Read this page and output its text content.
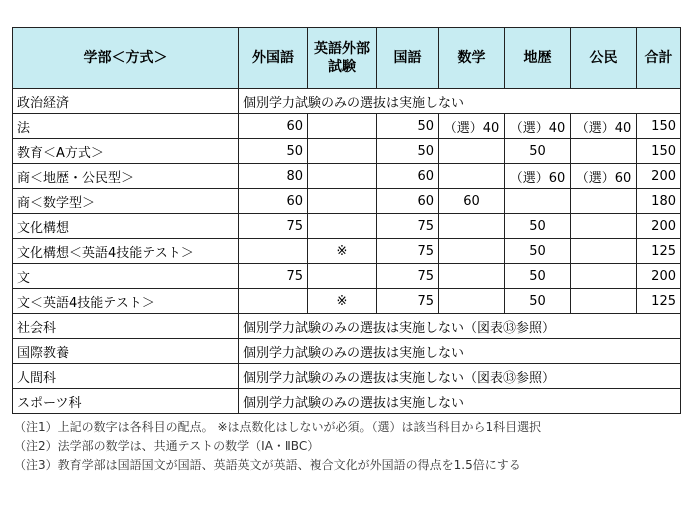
学部＜方式＞	外国語	英語外部試験	国語	数学	地歴	公民	合計
政治経済	個別学力試験のみの選抜は実施しない						
法	60		50	（選）40	（選）40	（選）40	150
教育＜A方式＞	50		50		50		150
商＜地歴・公民型＞	80		60		（選）60	（選）60	200
商＜数学型＞	60		60	60			180
文化構想	75		75		50		200
文化構想＜英語4技能テスト＞		※	75		50		125
文	75		75		50		200
文＜英語4技能テスト＞		※	75		50		125
社会科	個別学力試験のみの選抜は実施しない（図表⑬参照）						
国際教養	個別学力試験のみの選抜は実施しない						
人間科	個別学力試験のみの選抜は実施しない（図表⑬参照）						
スポーツ科	個別学力試験のみの選抜は実施しない						
（注1）上記の数字は各科目の配点。 ※は点数化はしないが必須。（選）は該当科目から1科目選択
（注2）法学部の数学は、共通テストの数学（ⅠA・ⅡBC）
（注3）教育学部は国語国文が国語、英語英文が英語、複合文化が外国語の得点を1.5倍にする
